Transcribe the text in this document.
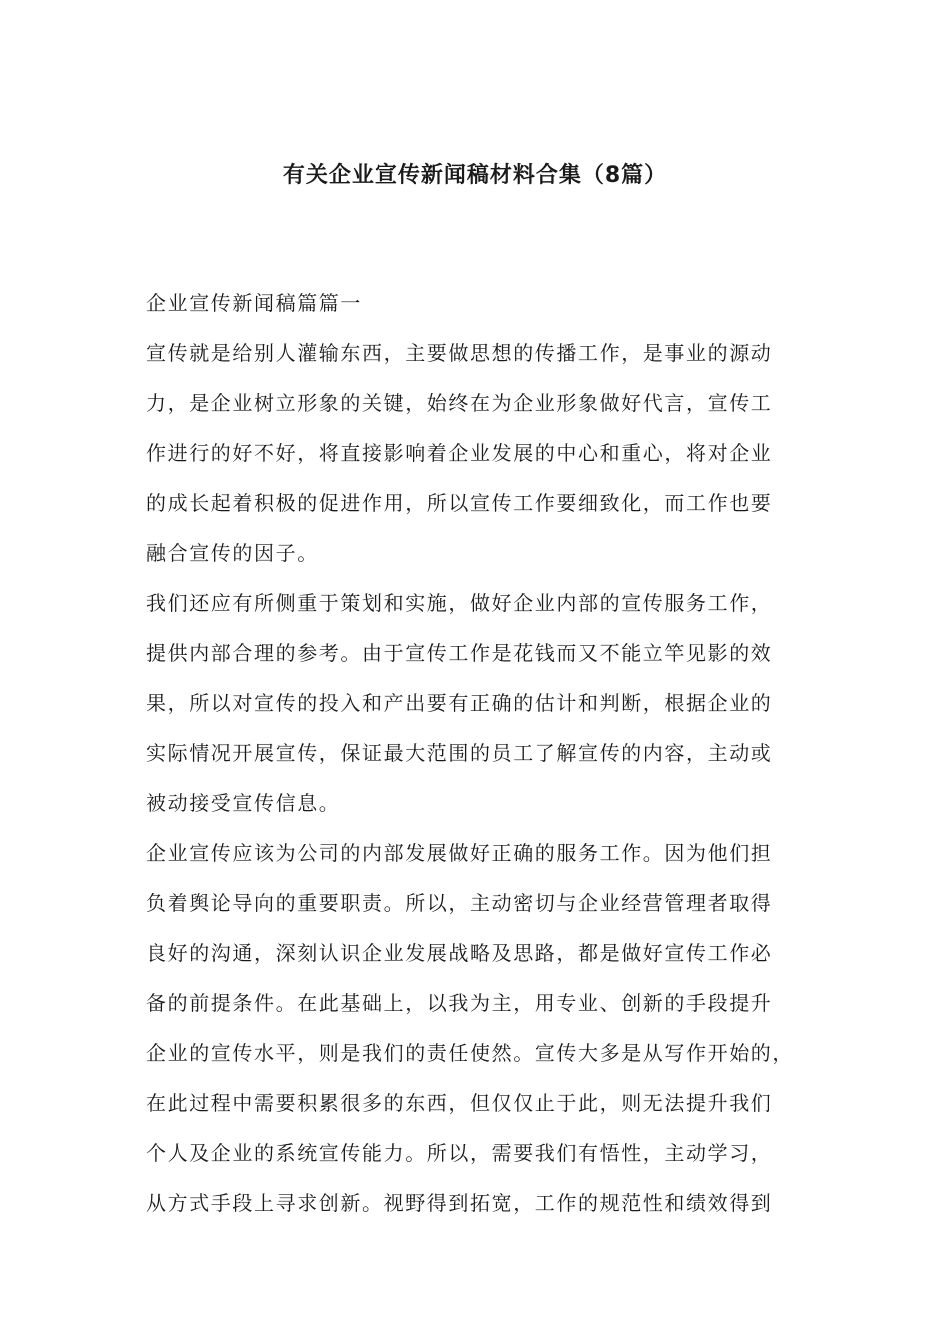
有关企业宣传新闻稿材料合集（8篇）

企业宣传新闻稿篇篇一

宣传就是给别人灌输东西，主要做思想的传播工作，是事业的源动

力，是企业树立形象的关键，始终在为企业形象做好代言，宣传工

作进行的好不好，将直接影响着企业发展的中心和重心，将对企业

的成长起着积极的促进作用，所以宣传工作要细致化，而工作也要

融合宣传的因子。

我们还应有所侧重于策划和实施，做好企业内部的宣传服务工作，

提供内部合理的参考。由于宣传工作是花钱而又不能立竿见影的效

果，所以对宣传的投入和产出要有正确的估计和判断，根据企业的

实际情况开展宣传，保证最大范围的员工了解宣传的内容，主动或

被动接受宣传信息。

企业宣传应该为公司的内部发展做好正确的服务工作。因为他们担

负着舆论导向的重要职责。所以，主动密切与企业经营管理者取得

良好的沟通，深刻认识企业发展战略及思路，都是做好宣传工作必

备的前提条件。在此基础上，以我为主，用专业、创新的手段提升

企业的宣传水平，则是我们的责任使然。宣传大多是从写作开始的，

在此过程中需要积累很多的东西，但仅仅止于此，则无法提升我们

个人及企业的系统宣传能力。所以，需要我们有悟性，主动学习，

从方式手段上寻求创新。视野得到拓宽，工作的规范性和绩效得到
